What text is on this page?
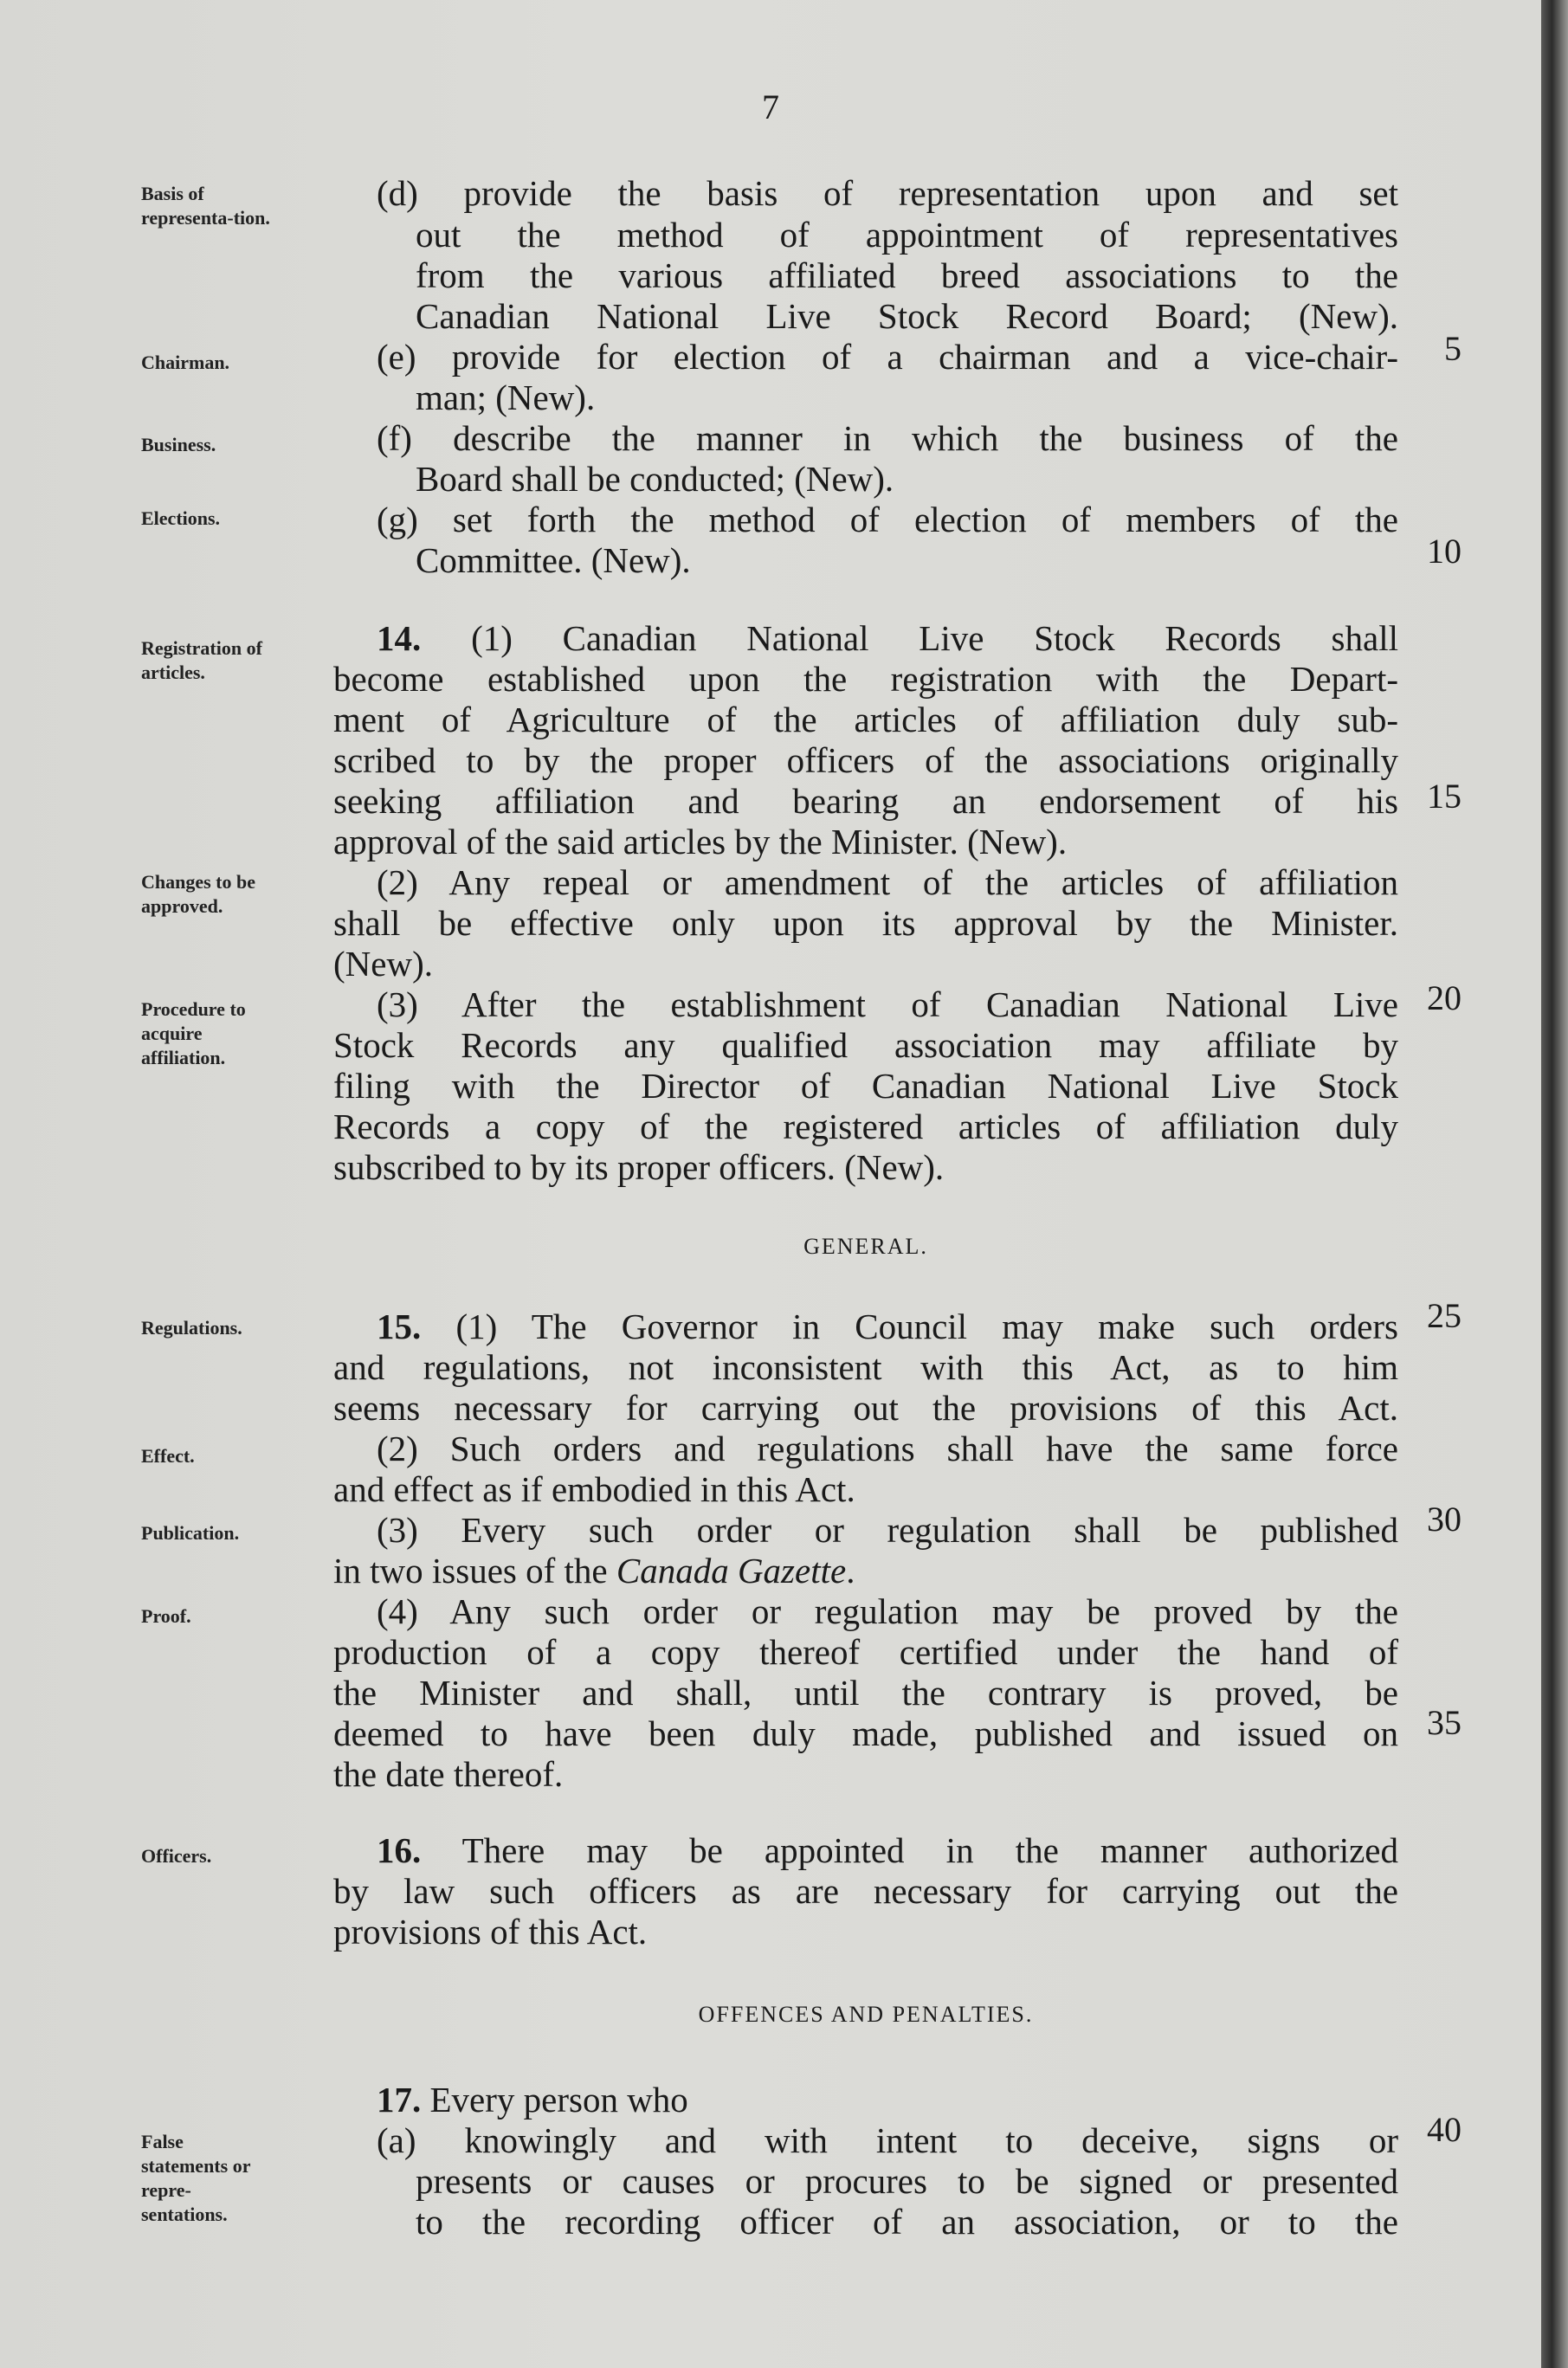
7
Basis of representa-tion.
Chairman.
Business.
Elections.
Registration of articles.
Changes to be approved.
Procedure to acquire affiliation.
Regulations.
Effect.
Publication.
Proof.
Officers.
False statements or repre-sentations.
(d) provide the basis of representation upon and set
out the method of appointment of representatives
from the various affiliated breed associations to the
Canadian National Live Stock Record Board; (New).
(e) provide for election of a chairman and a vice-chair-
man; (New).
(f) describe the manner in which the business of the
Board shall be conducted; (New).
(g) set forth the method of election of members of the
Committee. (New).
14. (1) Canadian National Live Stock Records shall
become established upon the registration with the Depart-
ment of Agriculture of the articles of affiliation duly sub-
scribed to by the proper officers of the associations originally
seeking affiliation and bearing an endorsement of his
approval of the said articles by the Minister. (New).
(2) Any repeal or amendment of the articles of affiliation
shall be effective only upon its approval by the Minister.
(New).
(3) After the establishment of Canadian National Live
Stock Records any qualified association may affiliate by
filing with the Director of Canadian National Live Stock
Records a copy of the registered articles of affiliation duly
subscribed to by its proper officers. (New).
GENERAL.
15. (1) The Governor in Council may make such orders
and regulations, not inconsistent with this Act, as to him
seems necessary for carrying out the provisions of this Act.
(2) Such orders and regulations shall have the same force
and effect as if embodied in this Act.
(3) Every such order or regulation shall be published
in two issues of the Canada Gazette.
(4) Any such order or regulation may be proved by the
production of a copy thereof certified under the hand of
the Minister and shall, until the contrary is proved, be
deemed to have been duly made, published and issued on
the date thereof.
16. There may be appointed in the manner authorized
by law such officers as are necessary for carrying out the
provisions of this Act.
OFFENCES AND PENALTIES.
17. Every person who
(a) knowingly and with intent to deceive, signs or
presents or causes or procures to be signed or presented
to the recording officer of an association, or to the
5
10
15
20
25
30
35
40
